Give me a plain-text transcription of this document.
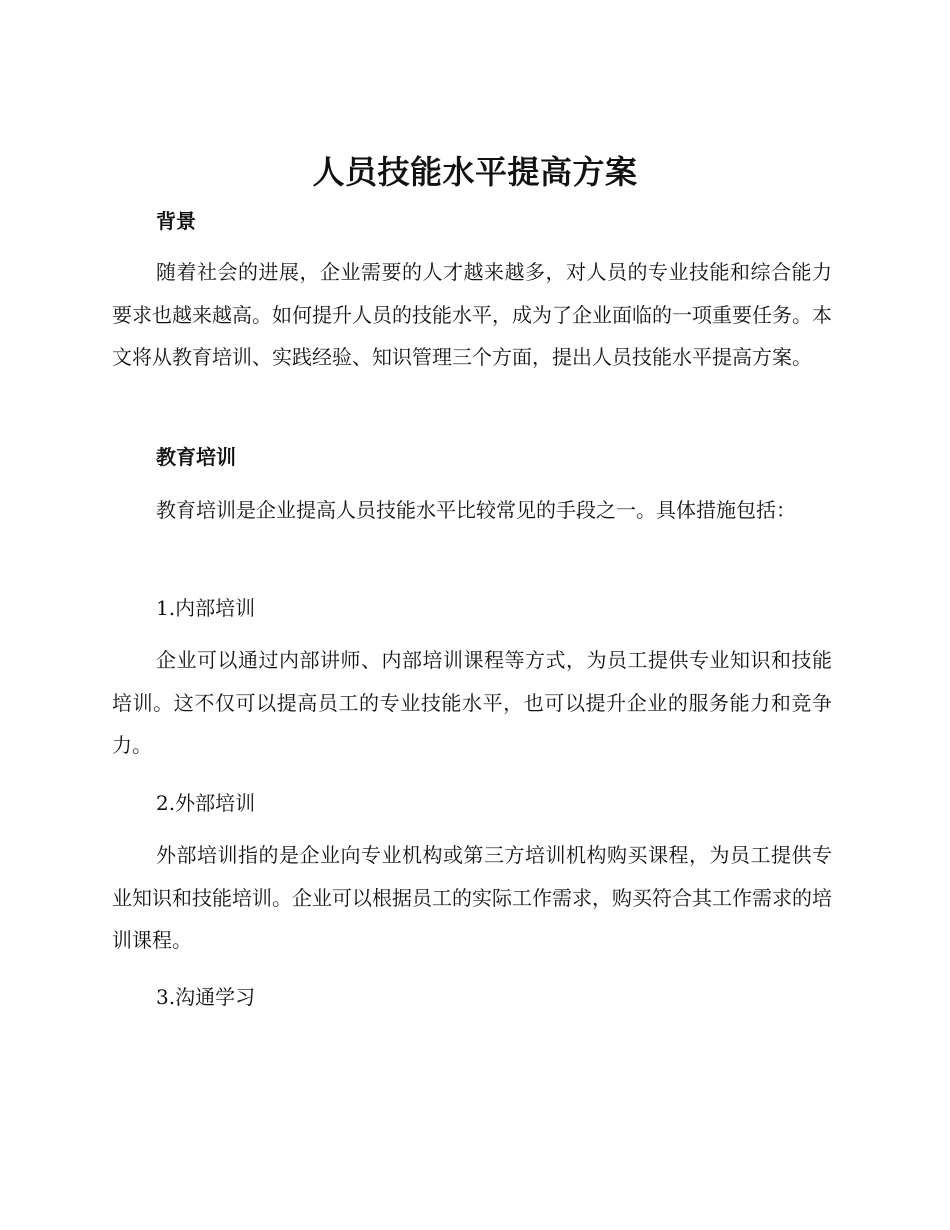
人员技能水平提高方案
背景

随着社会的进展，企业需要的人才越来越多，对人员的专业技能和综合能力要求也越来越高。如何提升人员的技能水平，成为了企业面临的一项重要任务。本文将从教育培训、实践经验、知识管理三个方面，提出人员技能水平提高方案。

教育培训

教育培训是企业提高人员技能水平比较常见的手段之一。具体措施包括：

1.内部培训

企业可以通过内部讲师、内部培训课程等方式，为员工提供专业知识和技能培训。这不仅可以提高员工的专业技能水平，也可以提升企业的服务能力和竞争力。

2.外部培训

外部培训指的是企业向专业机构或第三方培训机构购买课程，为员工提供专业知识和技能培训。企业可以根据员工的实际工作需求，购买符合其工作需求的培训课程。

3.沟通学习
